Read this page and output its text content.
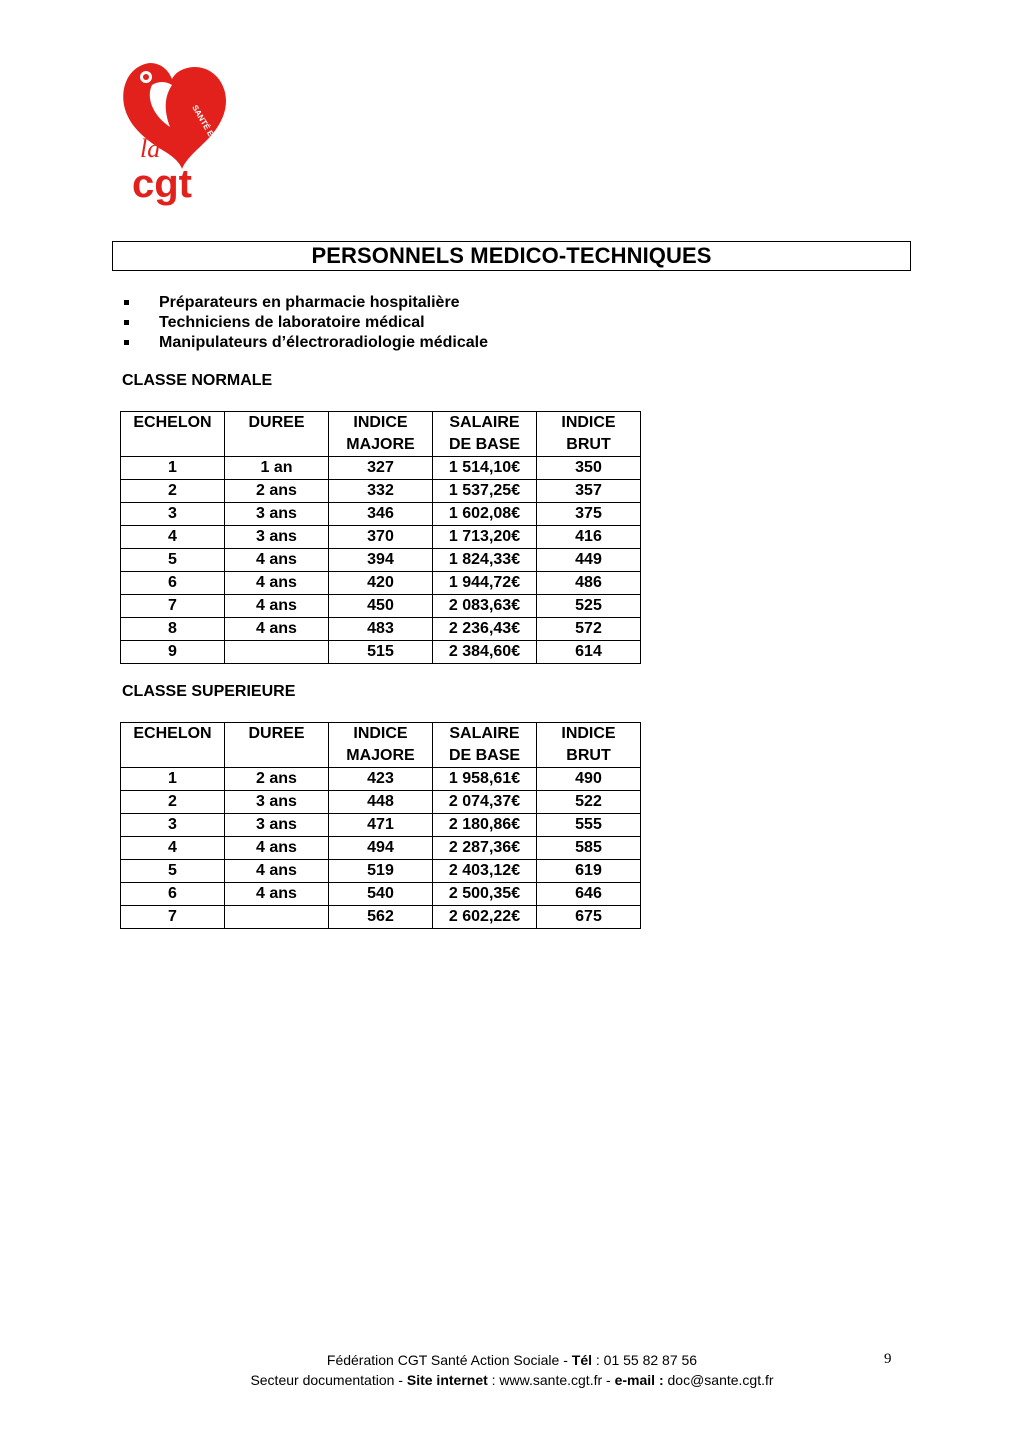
SANTÉ ET ACTION SOCIALE
la
cgt
PERSONNELS MEDICO-TECHNIQUES
Préparateurs en pharmacie hospitalière
Techniciens de laboratoire médical
Manipulateurs d’électroradiologie médicale
CLASSE NORMALE
ECHELON	DUREE	INDICE	SALAIRE	INDICE
		MAJORE	DE BASE	BRUT
1	1 an	327	1 514,10€	350
2	2 ans	332	1 537,25€	357
3	3 ans	346	1 602,08€	375
4	3 ans	370	1 713,20€	416
5	4 ans	394	1 824,33€	449
6	4 ans	420	1 944,72€	486
7	4 ans	450	2 083,63€	525
8	4 ans	483	2 236,43€	572
9		515	2 384,60€	614
CLASSE SUPERIEURE
ECHELON	DUREE	INDICE	SALAIRE	INDICE
		MAJORE	DE BASE	BRUT
1	2 ans	423	1 958,61€	490
2	3 ans	448	2 074,37€	522
3	3 ans	471	2 180,86€	555
4	4 ans	494	2 287,36€	585
5	4 ans	519	2 403,12€	619
6	4 ans	540	2 500,35€	646
7		562	2 602,22€	675
Fédération CGT Santé Action Sociale - Tél : 01 55 82 87 56
Secteur documentation - Site internet : www.sante.cgt.fr - e-mail : doc@sante.cgt.fr
9
